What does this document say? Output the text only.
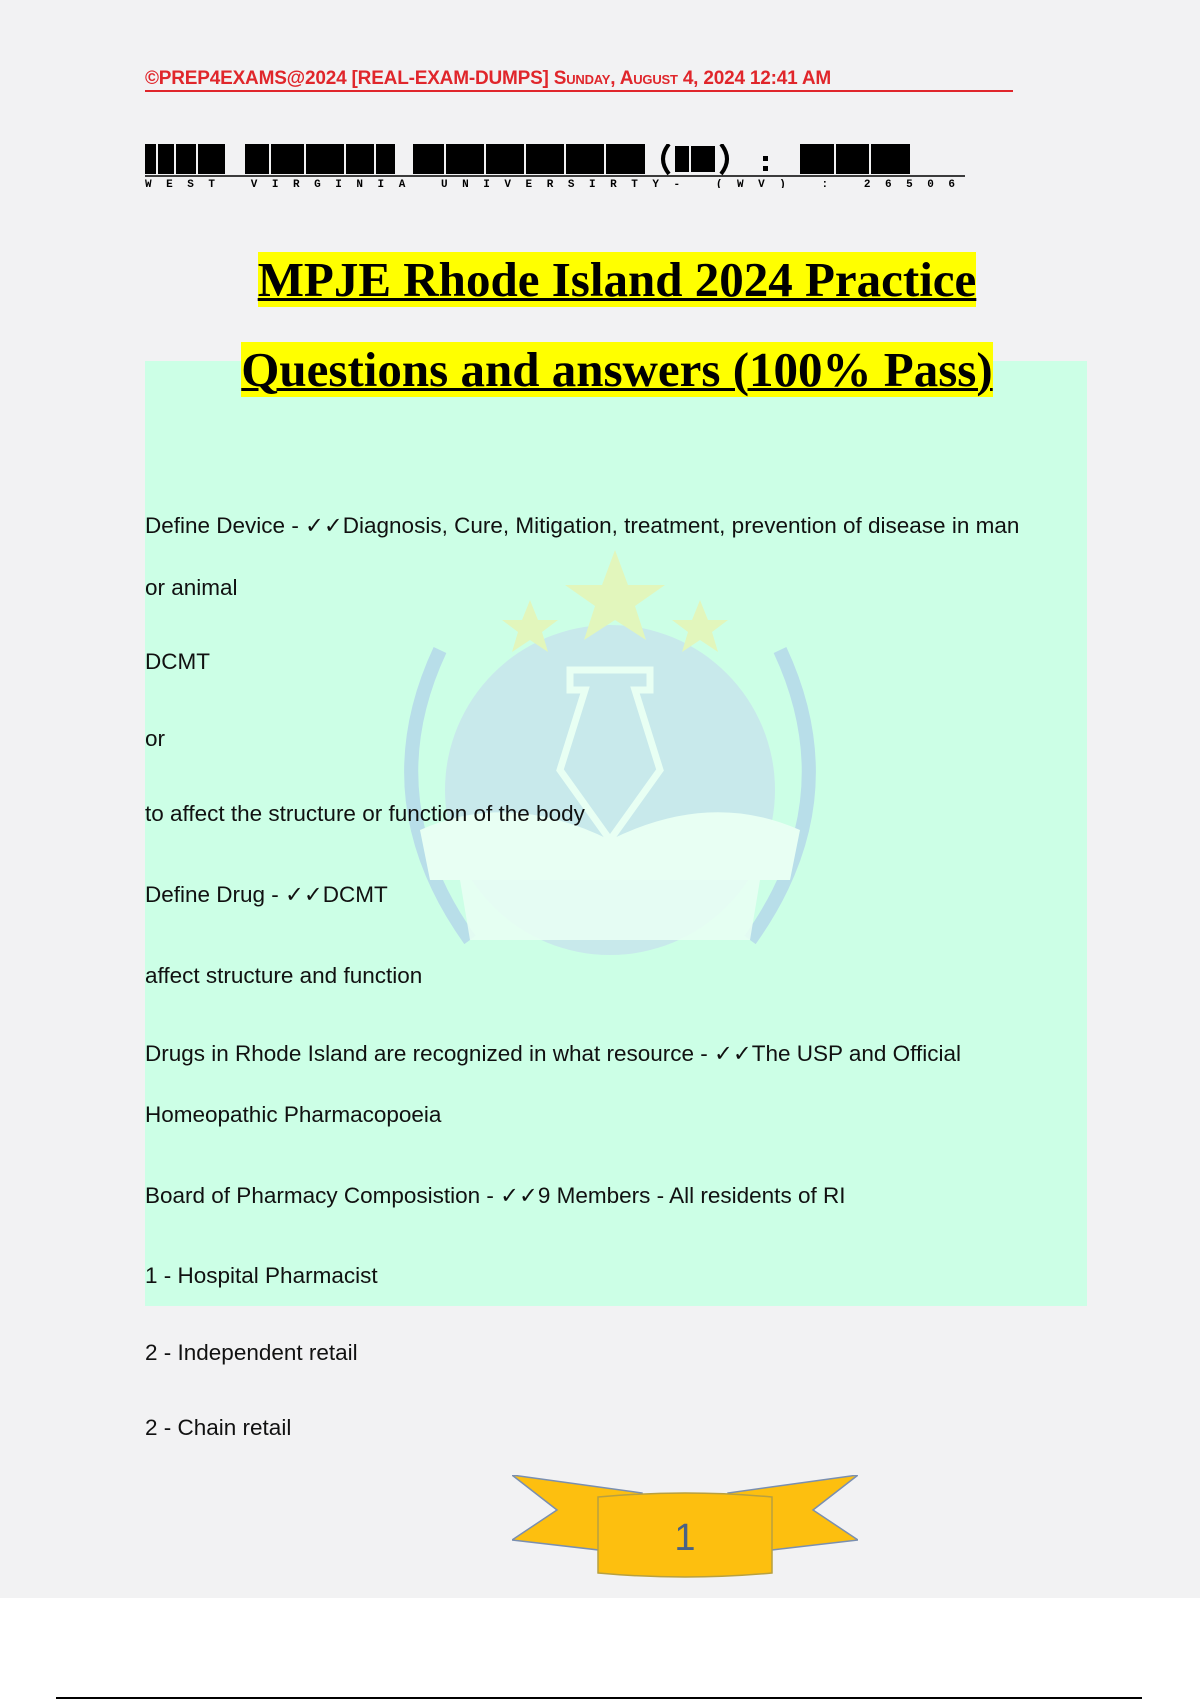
©PREP4EXAMS@2024 [REAL-EXAM-DUMPS] Sunday, August 4, 2024 12:41 AM
WEST VIRGINIA UNIVERSIRTY- (WV) : 26506
MPJE Rhode Island 2024 Practice
Questions and answers (100% Pass)
Define Device - ✓✓Diagnosis, Cure, Mitigation, treatment, prevention of disease in man
or animal
DCMT
or
to affect the structure or function of the body
Define Drug - ✓✓DCMT
affect structure and function
Drugs in Rhode Island are recognized in what resource - ✓✓The USP and Official
Homeopathic Pharmacopoeia
Board of Pharmacy Composistion - ✓✓9 Members - All residents of RI
1 - Hospital Pharmacist
2 - Independent retail
2 - Chain retail
1
